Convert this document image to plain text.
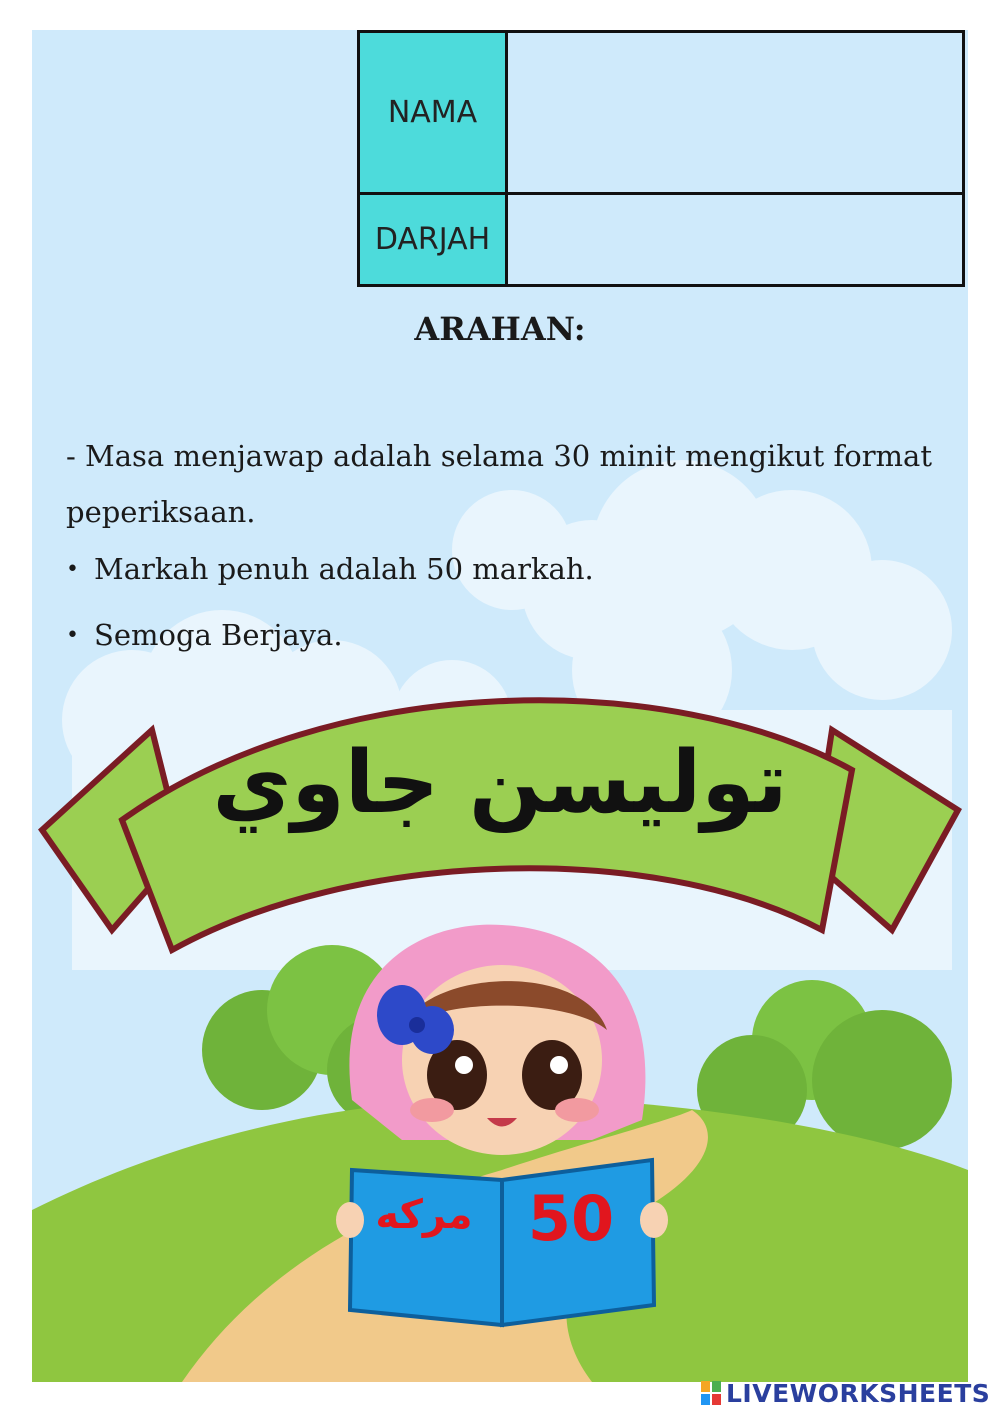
NAMA
DARJAH
ARAHAN:
- Masa menjawap adalah selama 30 minit mengikut format peperiksaan.
• Markah penuh adalah 50 markah.
• Semoga Berjaya.
توليسن جاوي
مركه 50
LIVEWORKSHEETS
